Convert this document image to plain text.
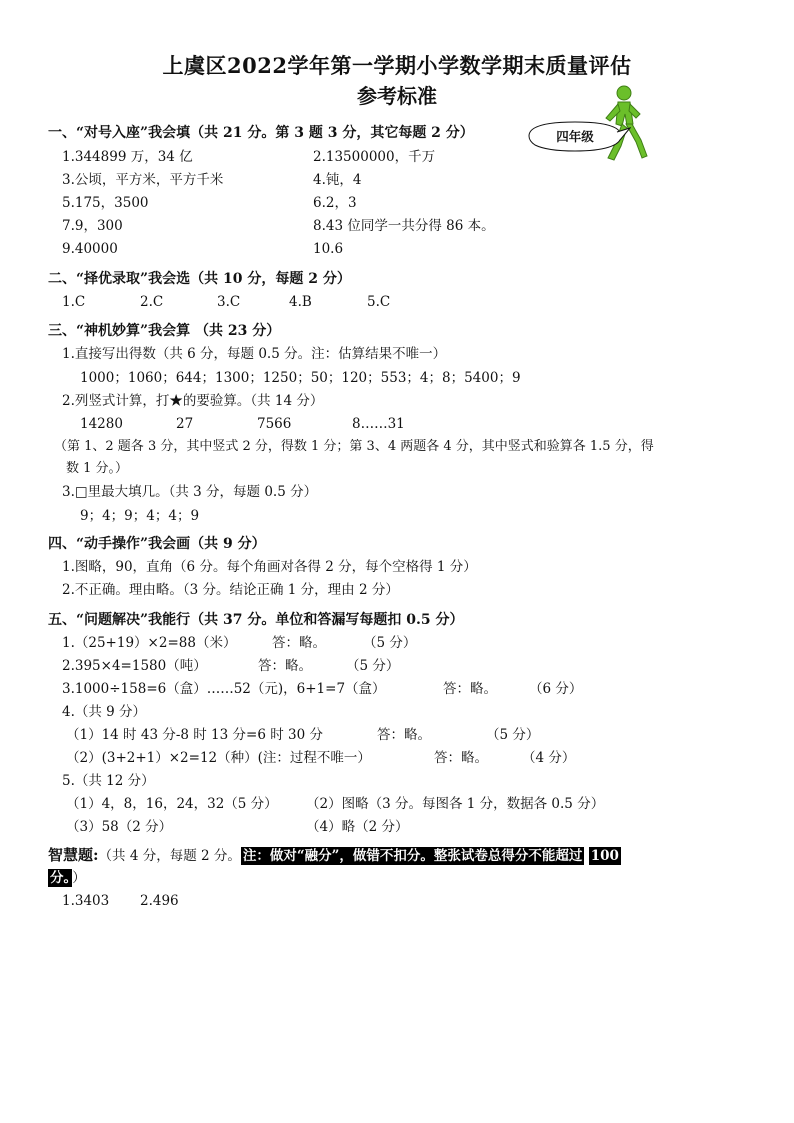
上虞区2022学年第一学期小学数学期末质量评估
参考标准
四年级
一、“对号入座”我会填（共 21 分。第 3 题 3 分，其它每题 2 分）
1.344899 万，34 亿	2.13500000，千万
3.公顷，平方米，平方千米	4.钝，4
5.175，3500	6.2，3
7.9，300	8.43 位同学一共分得 86 本。
9.40000	10.6
二、“择优录取”我会选（共 10 分，每题 2 分）
1.C	2.C	3.C	4.B	5.C
三、“神机妙算”我会算 （共 23 分）
1.直接写出得数（共 6 分，每题 0.5 分。注：估算结果不唯一）
1000；1060；644；1300；1250；50；120；553；4；8；5400；9
2.列竖式计算，打★的要验算。（共 14 分）
14280	27	7566	8……31
（第 1、2 题各 3 分，其中竖式 2 分，得数 1 分；第 3、4 两题各 4 分，其中竖式和验算各 1.5 分，得
数 1 分。）
3.□里最大填几。（共 3 分，每题 0.5 分）
9；4；9；4；4；9
四、“动手操作”我会画（共 9 分）
1.图略，90，直角（6 分。每个角画对各得 2 分，每个空格得 1 分）
2.不正确。理由略。（3 分。结论正确 1 分，理由 2 分）
五、“问题解决”我能行（共 37 分。单位和答漏写每题扣 0.5 分）
1.（25+19）×2=88（米）	答：略。	（5 分）
2.395×4=1580（吨）	答：略。	（5 分）
3.1000÷158=6（盒）……52（元)，6+1=7（盒）	答：略。 （6 分）
4.（共 9 分）
（1）14 时 43 分-8 时 13 分=6 时 30 分	答：略。	（5 分）
（2）(3+2+1）×2=12（种）(注：过程不唯一）	答：略。	（4 分）
5.（共 12 分）
（1）4，8，16，24，32（5 分） （2）图略（3 分。每图各 1 分，数据各 0.5 分）
（3）58（2 分）	（4）略（2 分）
智慧题:（共 4 分，每题 2 分。 注：做对“融分”，做错不扣分。整张试卷总得分不能超过 100
分。 ）
1.3403 2.496
